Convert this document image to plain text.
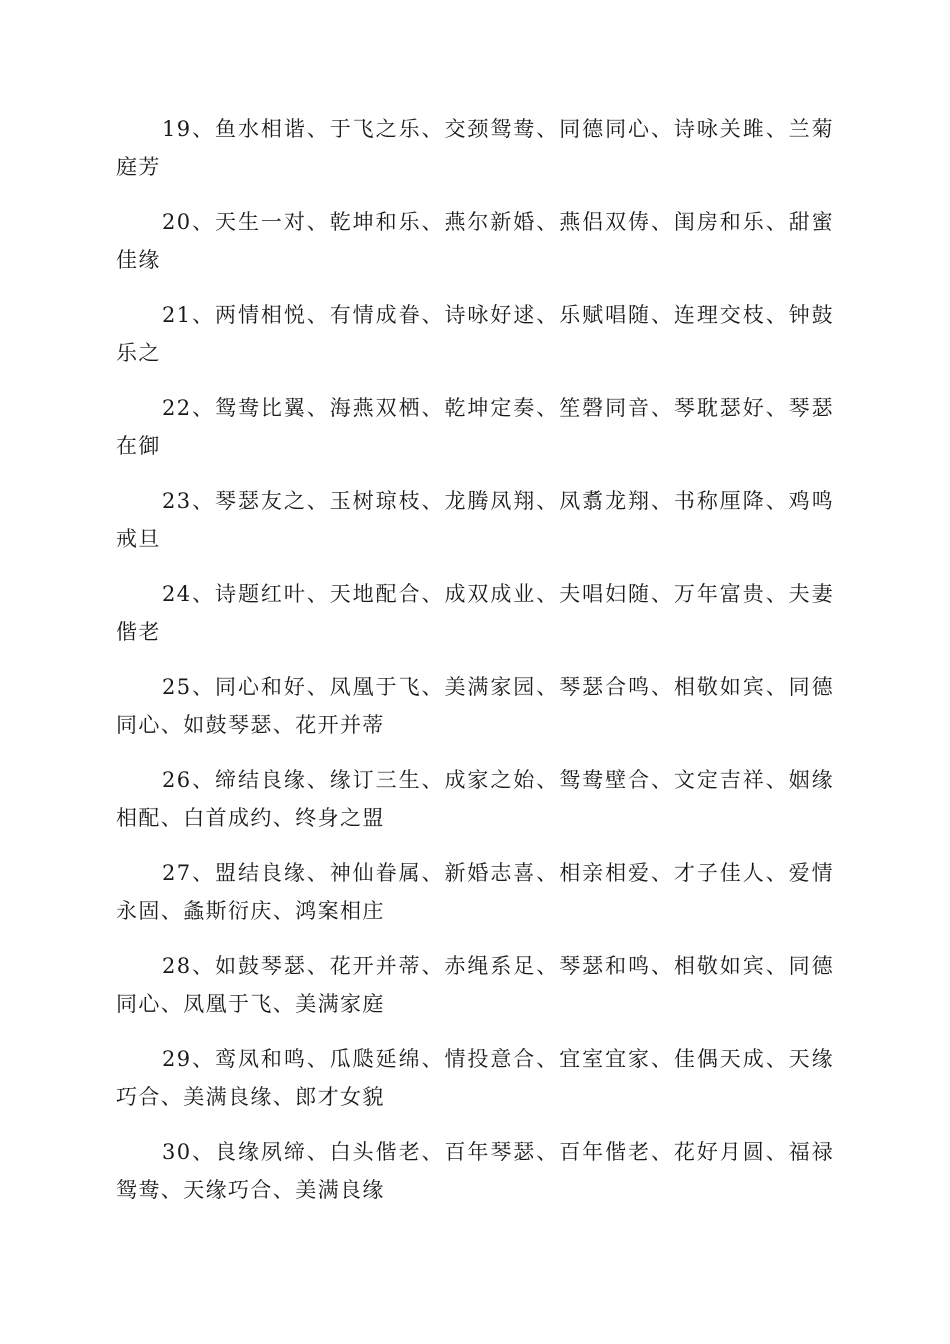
19、鱼水相谐、于飞之乐、交颈鸳鸯、同德同心、诗咏关雎、兰菊庭芳

20、天生一对、乾坤和乐、燕尔新婚、燕侣双俦、闺房和乐、甜蜜佳缘

21、两情相悦、有情成眷、诗咏好逑、乐赋唱随、连理交枝、钟鼓乐之

22、鸳鸯比翼、海燕双栖、乾坤定奏、笙磬同音、琴耽瑟好、琴瑟在御

23、琴瑟友之、玉树琼枝、龙腾凤翔、凤翥龙翔、书称厘降、鸡鸣戒旦

24、诗题红叶、天地配合、成双成业、夫唱妇随、万年富贵、夫妻偕老

25、同心和好、凤凰于飞、美满家园、琴瑟合鸣、相敬如宾、同德同心、如鼓琴瑟、花开并蒂

26、缔结良缘、缘订三生、成家之始、鸳鸯壁合、文定吉祥、姻缘相配、白首成约、终身之盟

27、盟结良缘、神仙眷属、新婚志喜、相亲相爱、才子佳人、爱情永固、螽斯衍庆、鸿案相庄

28、如鼓琴瑟、花开并蒂、赤绳系足、琴瑟和鸣、相敬如宾、同德同心、凤凰于飞、美满家庭

29、鸾凤和鸣、瓜瓞延绵、情投意合、宜室宜家、佳偶天成、天缘巧合、美满良缘、郎才女貌

30、良缘夙缔、白头偕老、百年琴瑟、百年偕老、花好月圆、福禄鸳鸯、天缘巧合、美满良缘
